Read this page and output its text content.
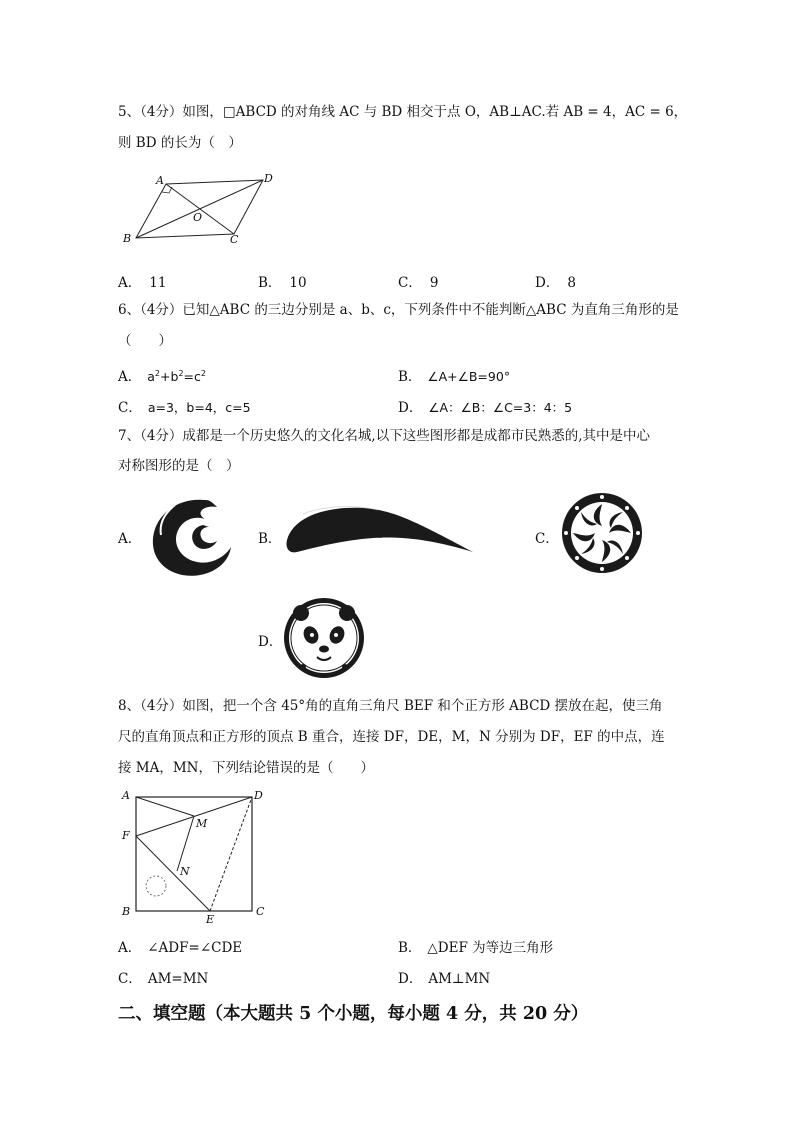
5、（4分）如图，□ABCD 的对角线 AC 与 BD 相交于点 O，AB⊥AC.若 AB = 4，AC = 6，
则 BD 的长为（　）
A	D
O
B	C
A． 11	B． 10	C． 9	D． 8
6、（4分）已知△ABC 的三边分别是 a、b、c，下列条件中不能判断△ABC 为直角三角形的是
（　　）
A． $a^2+b^2=c^2$	B． ∠A+∠B=90°
C． a=3，b=4，c=5	D． ∠A：∠B：∠C=3：4：5
7、（4分）成都是一个历史悠久的文化名城,以下这些图形都是成都市民熟悉的,其中是中心
对称图形的是（　）
A．	B．	C．
D．
8、（4分）如图，把一个含 45°角的直角三角尺 BEF 和个正方形 ABCD 摆放在起，使三角
尺的直角顶点和正方形的顶点 B 重合，连接 DF，DE，M，N 分别为 DF，EF 的中点，连
接 MA，MN，下列结论错误的是（　　）
A	D
F
M
N
B
E
C
A． ∠ADF=∠CDE	B． △DEF 为等边三角形
C． AM=MN	D． AM⊥MN
二、填空题（本大题共 5 个小题，每小题 4 分，共 20 分）
